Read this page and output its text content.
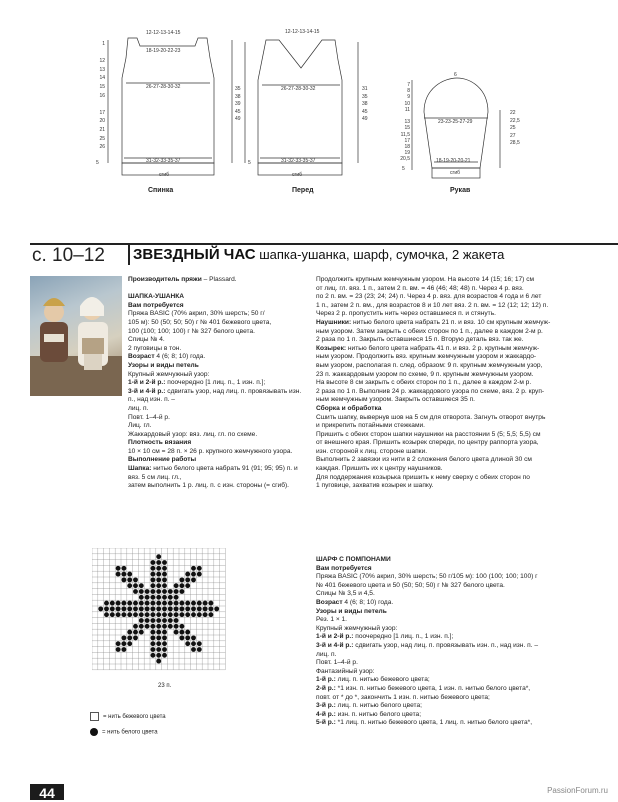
12-12-13-14-15
18-19-20-22-23
26-27-28-30-32
31-32-33-35-37
сгиб
1

12
13
14
15
16

17
20
21
25
26
5
35
38
39
45
49
Спинка
12-12-13-14-15
26-27-28-30-32
31-32-33-35-37
сгиб
5
31
35
38
45
49
Перед
6
23-23-25-27-29
18-19-20-20-21
сгиб
7
8
9
10
11

13
15
11,5
17
18
19
20,5
5
22
22,5
25
27
28,5
Рукав
с. 10–12	ЗВЕЗДНЫЙ ЧАС шапка-ушанка, шарф, сумочка, 2 жакета

Производитель пряжи – Plassard.

ШАПКА-УШАНКА

Вам потребуется

Пряжа BASIC (70% акрил, 30% шерсть; 50 г/

105 м): 50 (50; 50; 50) г № 401 бежевого цвета,

100 (100; 100; 100) г № 327 белого цвета.

Спицы № 4.

2 пуговицы в тон.

Возраст 4 (6; 8; 10) года.

Узоры и виды петель

Крупный жемчужный узор:

1-й и 2-й р.: поочередно [1 лиц. п., 1 изн. п.];

3-й и 4-й р.: сдвигать узор, над лиц. п. провязывать изн. п., над изн. п. –

лиц. п.

Повт. 1–4-й р.

Лиц. гл.

Жаккардовый узор: вяз. лиц. гл. по схеме.

Плотность вязания

10 × 10 см = 28 п. × 26 р. крупного жемчужного узора.

Выполнение работы

Шапка: нитью белого цвета набрать 91 (91; 95; 95) п. и вяз. 5 см лиц. гл.,

затем выполнить 1 р. лиц. п. с изн. стороны (= сгиб).

Продолжить крупным жемчужным узором. На высоте 14 (15; 16; 17) см

от лиц. гл. вяз. 1 п., затем 2 п. вм. = 46 (46; 48; 48) п. Через 4 р. вяз.

по 2 п. вм. = 23 (23; 24; 24) п. Через 4 р. вяз. для возрастов 4 года и 6 лет

1 п., затем 2 п. вм., для возрастов 8 и 10 лет вяз. 2 п. вм. = 12 (12; 12; 12) п.

Через 2 р. пропустить нить через оставшиеся п. и стянуть.

Наушники: нитью белого цвета набрать 21 п. и вяз. 10 см крупным жемчуж-

ным узором. Затем закрыть с обеих сторон по 1 п., далее в каждом 2-м р.

2 раза по 1 п. Закрыть оставшиеся 15 п. Вторую деталь вяз. так же.

Козырек: нитью белого цвета набрать 41 п. и вяз. 2 р. крупным жемчуж-

ным узором. Продолжить вяз. крупным жемчужным узором и жаккардо-

вым узором, располагая п. след. образом: 9 п. крупным жемчужным узор,

23 п. жаккардовым узором по схеме, 9 п. крупным жемчужным узором.

На высоте 8 см закрыть с обеих сторон по 1 п., далее в каждом 2-м р.

2 раза по 1 п. Выполнив 24 р. жаккардового узора по схеме, вяз. 2 р. круп-

ным жемчужным узором. Закрыть оставшиеся 35 п.

Сборка и обработка

Сшить шапку, вывернув шов на 5 см для отворота. Загнуть отворот внутрь

и прикрепить потайными стежками.

Пришить с обеих сторон шапки наушники на расстоянии 5 (5; 5,5; 5,5) см

от внешнего края. Пришить козырек спереди, по центру раппорта узора,

изн. стороной к лиц. стороне шапки.

Выполнить 2 завязки из нити в 2 сложения белого цвета длиной 30 см

каждая. Пришить их к центру наушников.

Для поддержания козырька пришить к нему сверху с обеих сторон по

1 пуговице, захватив козырек и шапку.

ШАРФ С ПОМПОНАМИ

Вам потребуется

Пряжа BASIC (70% акрил, 30% шерсть; 50 г/105 м): 100 (100; 100; 100) г

№ 401 бежевого цвета и 50 (50; 50; 50) г № 327 белого цвета.

Спицы № 3,5 и 4,5.

Возраст 4 (6; 8; 10) года.

Узоры и виды петель

Рез. 1 × 1.

Крупный жемчужный узор:

1-й и 2-й р.: поочередно [1 лиц. п., 1 изн. п.];

3-й и 4-й р.: сдвигать узор, над лиц. п. провязывать изн. п., над изн. п. –

лиц. п.

Повт. 1–4-й р.

Фантазийный узор:

1-й р.: лиц. п. нитью бежевого цвета;

2-й р.: *1 изн. п. нитью бежевого цвета, 1 изн. п. нитью белого цвета*,

повт. от * до *, закончить 1 изн. п. нитью бежевого цвета;

3-й р.: лиц. п. нитью белого цвета;

4-й р.: изн. п. нитью белого цвета;

5-й р.: *1 лиц. п. нитью бежевого цвета, 1 лиц. п. нитью белого цвета*,

23 п.
= нить бежевого цвета
= нить белого цвета
44	PassionForum.ru
